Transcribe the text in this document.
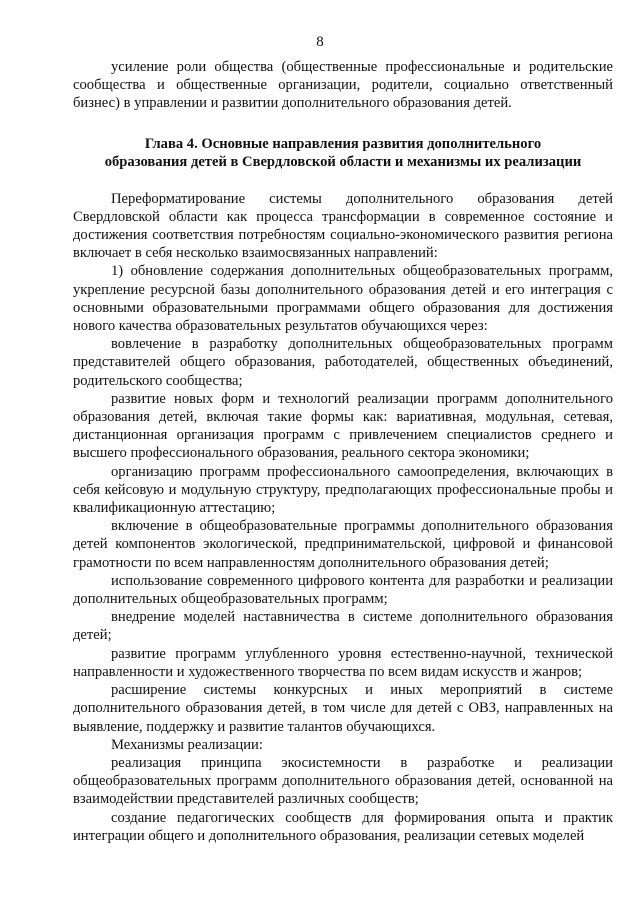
8

усиление роли общества (общественные профессиональные и родительские сообщества и общественные организации, родители, социально ответственный бизнес) в управлении и развитии дополнительного образования детей.

Глава 4. Основные направления развития дополнительного
образования детей в Свердловской области и механизмы их реализации

Переформатирование системы дополнительного образования детей Свердловской области как процесса трансформации в современное состояние и достижения соответствия потребностям социально-экономического развития региона включает в себя несколько взаимосвязанных направлений:

1) обновление содержания дополнительных общеобразовательных программ, укрепление ресурсной базы дополнительного образования детей и его интеграция с основными образовательными программами общего образования для достижения нового качества образовательных результатов обучающихся через:

вовлечение в разработку дополнительных общеобразовательных программ представителей общего образования, работодателей, общественных объединений, родительского сообщества;

развитие новых форм и технологий реализации программ дополнительного образования детей, включая такие формы как: вариативная, модульная, сетевая, дистанционная организация программ с привлечением специалистов среднего и высшего профессионального образования, реального сектора экономики;

организацию программ профессионального самоопределения, включающих в себя кейсовую и модульную структуру, предполагающих профессиональные пробы и квалификационную аттестацию;

включение в общеобразовательные программы дополнительного образования детей компонентов экологической, предпринимательской, цифровой и финансовой грамотности по всем направленностям дополнительного образования детей;

использование современного цифрового контента для разработки и реализации дополнительных общеобразовательных программ;

внедрение моделей наставничества в системе дополнительного образования детей;

развитие программ углубленного уровня естественно-научной, технической направленности и художественного творчества по всем видам искусств и жанров;

расширение системы конкурсных и иных мероприятий в системе дополнительного образования детей, в том числе для детей с ОВЗ, направленных на выявление, поддержку и развитие талантов обучающихся.

Механизмы реализации:

реализация принципа экосистемности в разработке и реализации общеобразовательных программ дополнительного образования детей, основанной на взаимодействии представителей различных сообществ;

создание педагогических сообществ для формирования опыта и практик интеграции общего и дополнительного образования, реализации сетевых моделей
